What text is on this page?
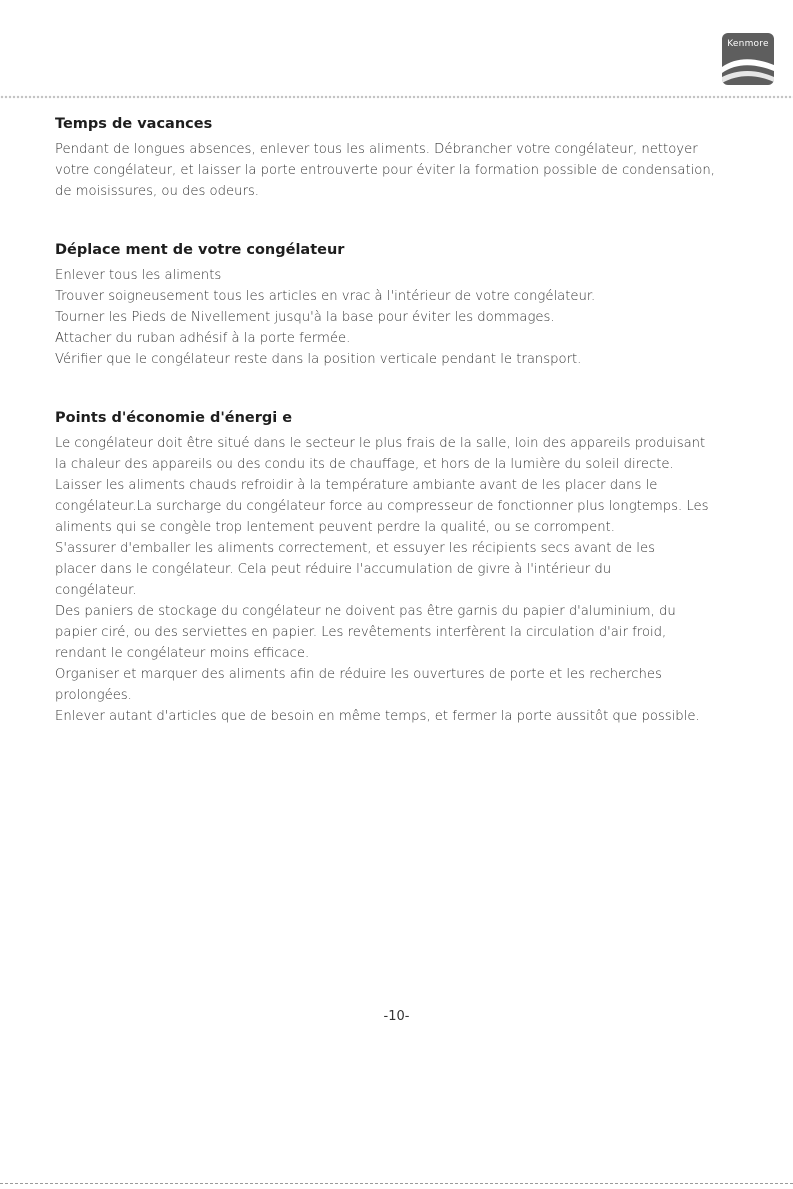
Kenmore
Temps de vacances

Pendant de longues absences, enlever tous les aliments. Débrancher votre congélateur, nettoyer

votre congélateur, et laisser la porte entrouverte pour éviter la formation possible de condensation,

de moisissures, ou des odeurs.

Déplace ment de votre congélateur

Enlever tous les aliments

Trouver soigneusement tous les articles en vrac à l'intérieur de votre congélateur.

Tourner les Pieds de Nivellement jusqu'à la base pour éviter les dommages.

Attacher du ruban adhésif à la porte fermée.

Vérifier que le congélateur reste dans la position verticale pendant le transport.

Points d'économie d'énergi e

Le congélateur doit être situé dans le secteur le plus frais de la salle, loin des appareils produisant

la chaleur des appareils ou des condu its de chauffage, et hors de la lumière du soleil directe.

Laisser les aliments chauds refroidir à la température ambiante avant de les placer dans le

congélateur.La surcharge du congélateur force au compresseur de fonctionner plus longtemps. Les

aliments qui se congèle trop lentement peuvent perdre la qualité, ou se corrompent.

S'assurer d'emballer les aliments correctement, et essuyer les récipients secs avant de les

placer dans le congélateur. Cela peut réduire l'accumulation de givre à l'intérieur du

congélateur.

Des paniers de stockage du congélateur ne doivent pas être garnis du papier d'aluminium, du

papier ciré, ou des serviettes en papier. Les revêtements interfèrent la circulation d'air froid,

rendant le congélateur moins efficace.

Organiser et marquer des aliments afin de réduire les ouvertures de porte et les recherches

prolongées.

Enlever autant d'articles que de besoin en même temps, et fermer la porte aussitôt que possible.

-10-
